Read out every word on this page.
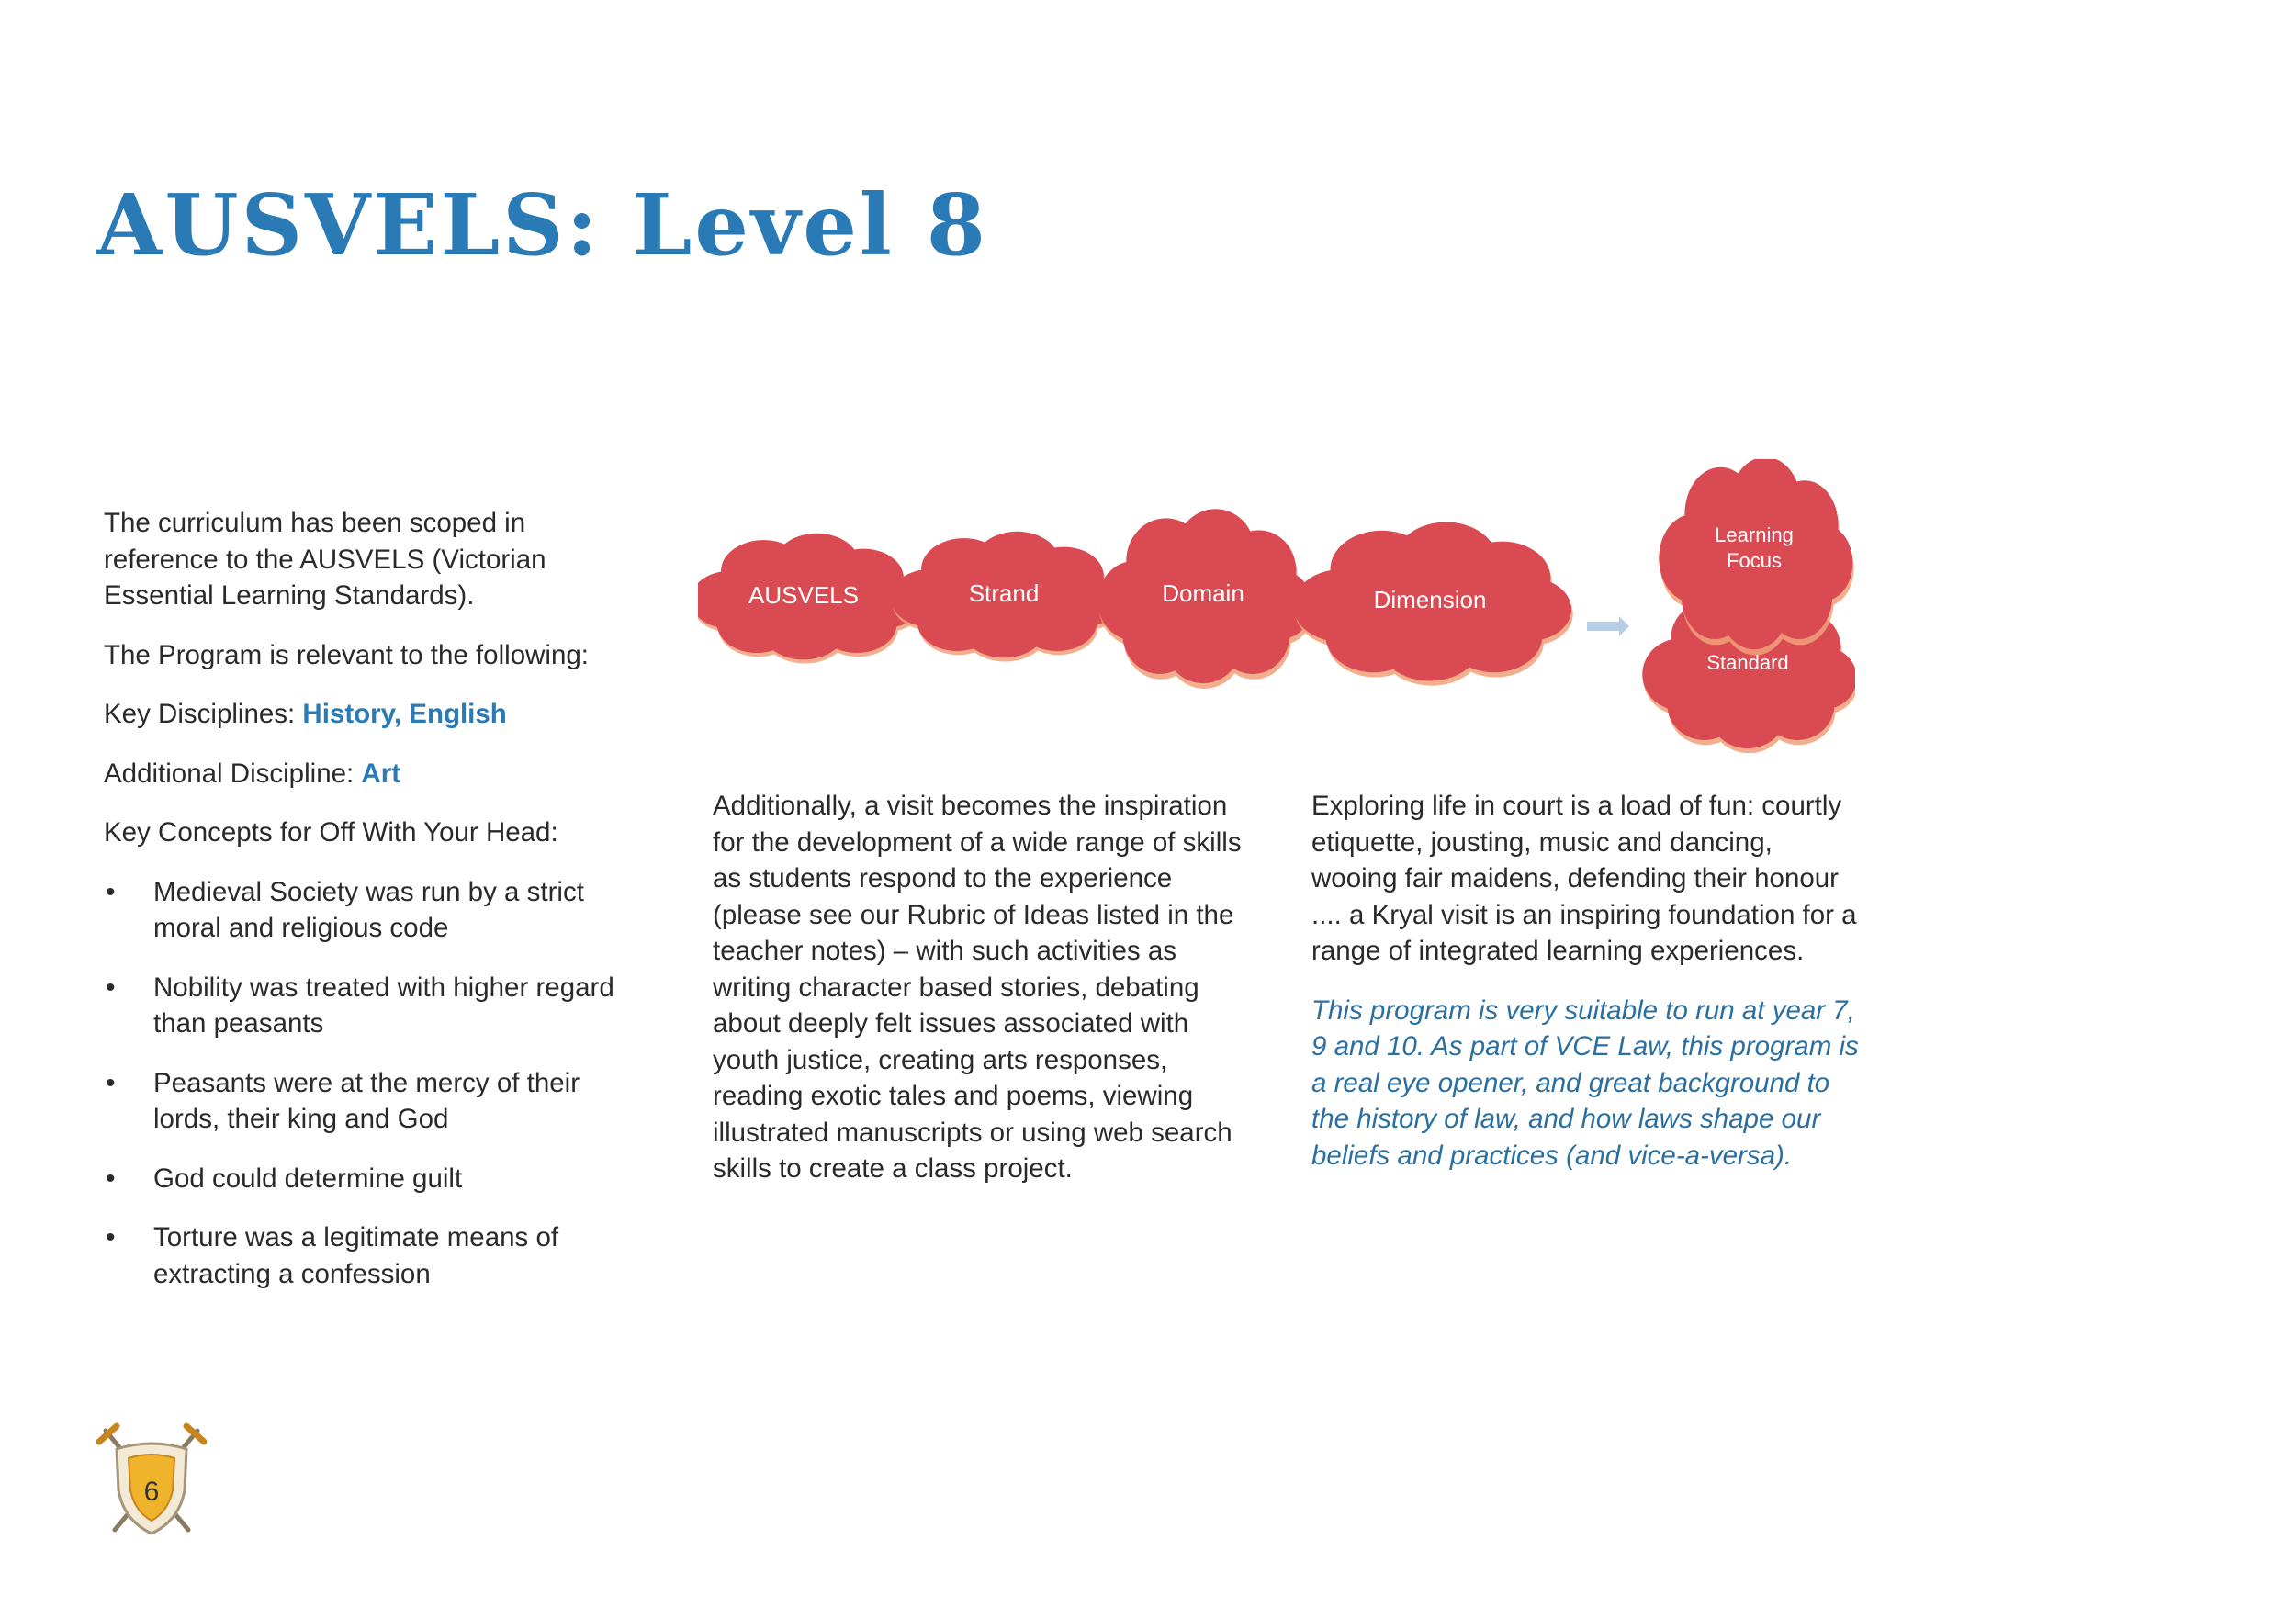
AUSVELS: Level 8

The curriculum has been scoped in reference to the AUSVELS (Victorian Essential Learning Standards).

The Program is relevant to the following:

Key Disciplines: History, English

Additional Discipline: Art

Key Concepts for Off With Your Head:

• Medieval Society was run by a strict moral and religious code
• Nobility was treated with higher regard than peasants
• Peasants were at the mercy of their lords, their king and God
• God could determine guilt
• Torture was a legitimate means of extracting a confession
AUSVELS	Strand	Domain	Dimension
Standard
Learning
Focus

Additionally, a visit becomes the inspiration for the development of a wide range of skills as students respond to the experience (please see our Rubric of Ideas listed in the teacher notes) – with such activities as writing character based stories, debating about deeply felt issues associated with youth justice, creating arts responses, reading exotic tales and poems, viewing illustrated manuscripts or using web search skills to create a class project.

Exploring life in court is a load of fun: courtly etiquette, jousting, music and dancing, wooing fair maidens, defending their honour .... a Kryal visit is an inspiring foundation for a range of integrated learning experiences.

This program is very suitable to run at year 7, 9 and 10. As part of VCE Law, this program is a real eye opener, and great background to the history of law, and how laws shape our beliefs and practices (and vice-a-versa).

6
